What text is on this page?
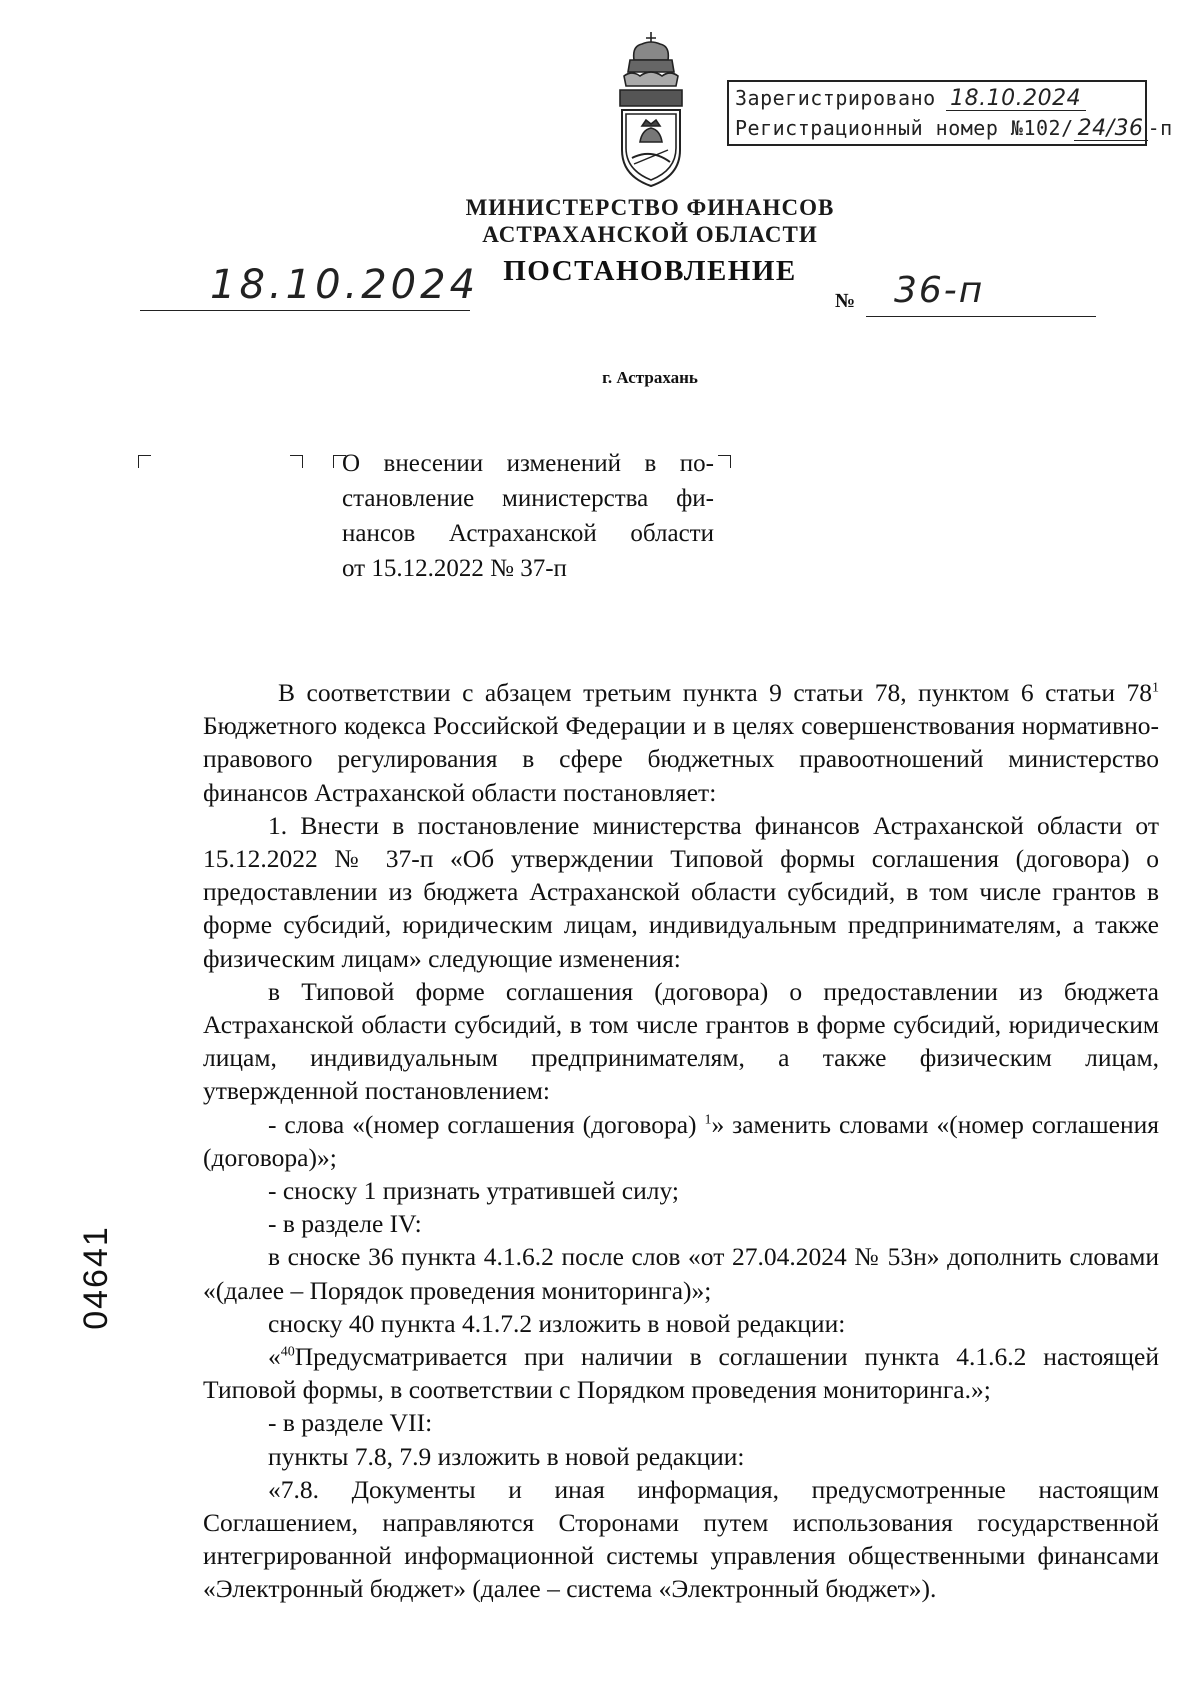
Зарегистрировано 18.10.2024
Регистрационный номер №102/ 24/36 -п
МИНИСТЕРСТВО ФИНАНСОВ
АСТРАХАНСКОЙ ОБЛАСТИ
ПОСТАНОВЛЕНИЕ
18.10.2024	№ 36-п
г. Астрахань
О внесении изменений в по-
становление министерства фи-
нансов Астраханской области
от 15.12.2022 № 37-п

В соответствии с абзацем третьим пункта 9 статьи 78, пунктом 6 статьи $78^1$ Бюджетного кодекса Российской Федерации и в целях совершенствования нормативно-правового регулирования в сфере бюджетных правоотношений министерство финансов Астраханской области постановляет:

1. Внести в постановление министерства финансов Астраханской области от 15.12.2022 № 37-п «Об утверждении Типовой формы соглашения (договора) о предоставлении из бюджета Астраханской области субсидий, в том числе грантов в форме субсидий, юридическим лицам, индивидуальным предпринимателям, а также физическим лицам» следующие изменения:

в Типовой форме соглашения (договора) о предоставлении из бюджета Астраханской области субсидий, в том числе грантов в форме субсидий, юридическим лицам, индивидуальным предпринимателям, а также физическим лицам, утвержденной постановлением:

- слова «(номер соглашения (договора) $^1$» заменить словами «(номер соглашения (договора)»;

- сноску 1 признать утратившей силу;

- в разделе IV:

в сноске 36 пункта 4.1.6.2 после слов «от 27.04.2024 № 53н» дополнить словами «(далее – Порядок проведения мониторинга)»;

сноску 40 пункта 4.1.7.2 изложить в новой редакции:

«$^{40}$Предусматривается при наличии в соглашении пункта 4.1.6.2 настоящей Типовой формы, в соответствии с Порядком проведения мониторинга.»;

- в разделе VII:

пункты 7.8, 7.9 изложить в новой редакции:

«7.8. Документы и иная информация, предусмотренные настоящим Соглашением, направляются Сторонами путем использования государственной интегрированной информационной системы управления общественными финансами «Электронный бюджет» (далее – система «Электронный бюджет»).

04641
